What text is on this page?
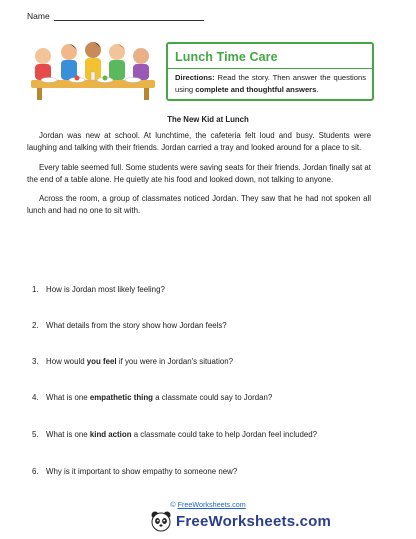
Name
Lunch Time Care
Directions: Read the story. Then answer the questions using complete and thoughtful answers.
The New Kid at Lunch

Jordan was new at school. At lunchtime, the cafeteria felt loud and busy. Students were laughing and talking with their friends. Jordan carried a tray and looked around for a place to sit.

Every table seemed full. Some students were saving seats for their friends. Jordan finally sat at the end of a table alone. He quietly ate his food and looked down, not talking to anyone.

Across the room, a group of classmates noticed Jordan. They saw that he had not spoken all lunch and had no one to sit with.

1. How is Jordan most likely feeling?
2. What details from the story show how Jordan feels?
3. How would you feel if you were in Jordan's situation?
4. What is one empathetic thing a classmate could say to Jordan?
5. What is one kind action a classmate could take to help Jordan feel included?
6. Why is it important to show empathy to someone new?
© FreeWorksheets.com
FreeWorksheets.com
